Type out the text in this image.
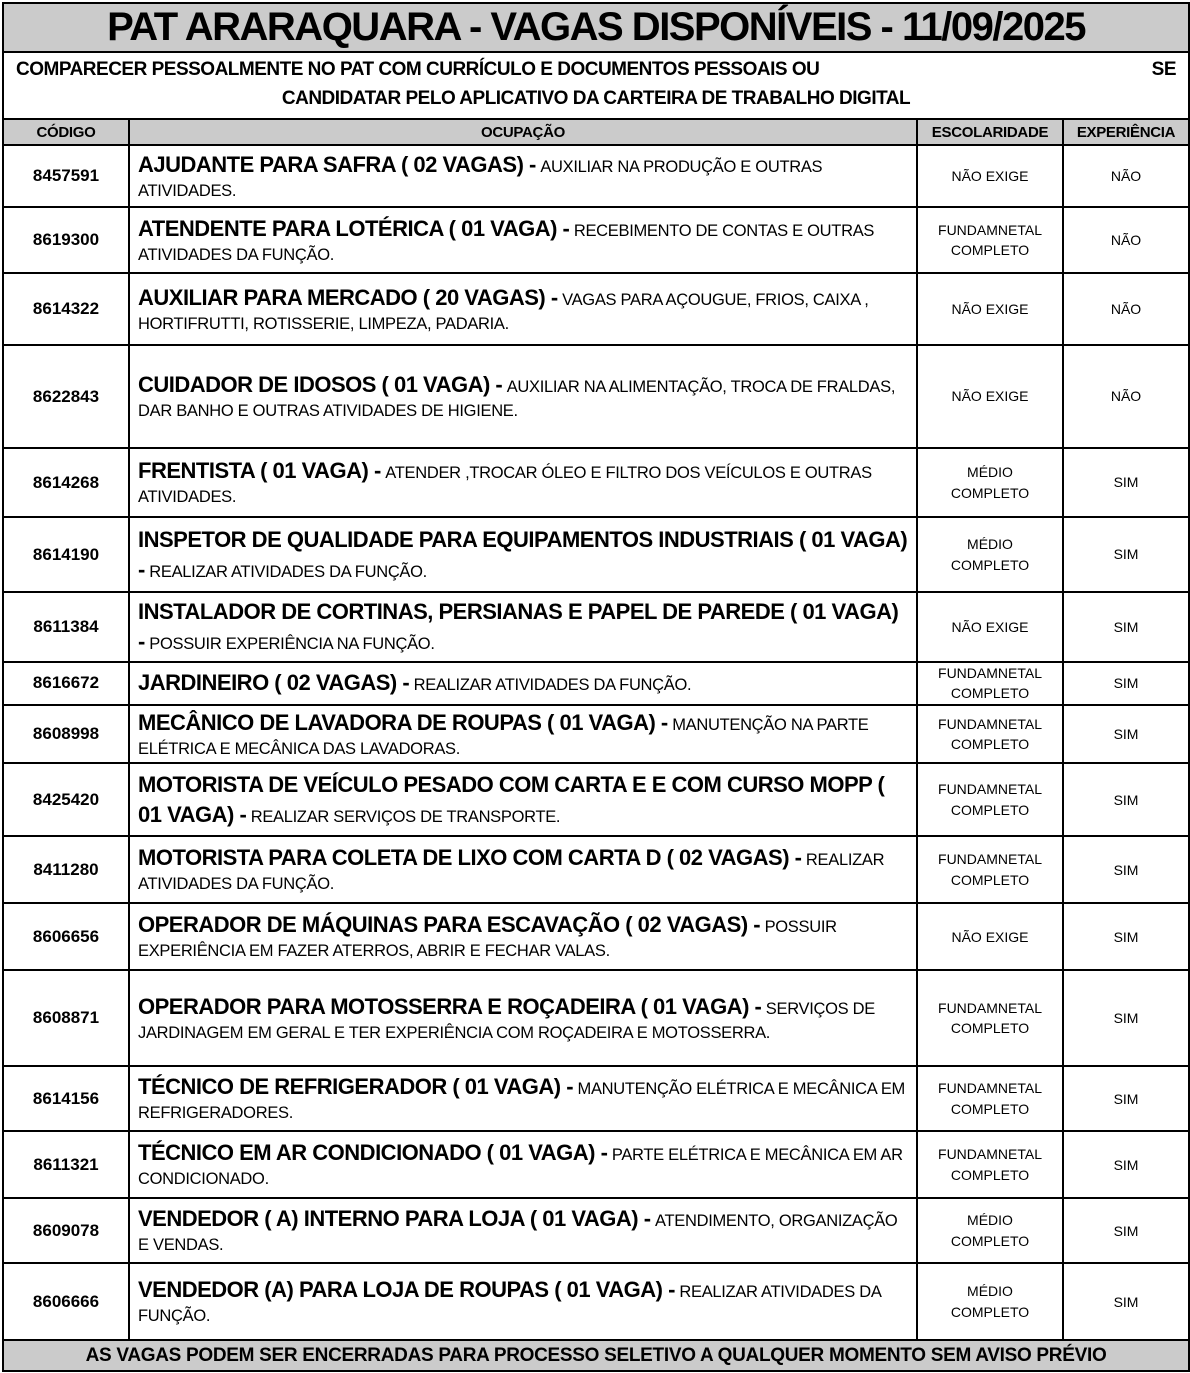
PAT ARARAQUARA - VAGAS DISPONÍVEIS - 11/09/2025			

COMPARECER PESSOALMENTE NO PAT COM CURRÍCULO E DOCUMENTOS PESSOAIS OU SE
CANDIDATAR PELO APLICATIVO DA CARTEIRA DE TRABALHO DIGITAL			

CÓDIGO	OCUPAÇÃO	ESCOLARIDADE	EXPERIÊNCIA
8457591	AJUDANTE PARA SAFRA ( 02 VAGAS) - AUXILIAR NA PRODUÇÃO E OUTRAS ATIVIDADES.	NÃO EXIGE	NÃO
8619300	ATENDENTE PARA LOTÉRICA ( 01 VAGA) - RECEBIMENTO DE CONTAS E OUTRAS ATIVIDADES DA FUNÇÃO.	FUNDAMNETAL COMPLETO	NÃO
8614322	AUXILIAR PARA MERCADO ( 20 VAGAS) - VAGAS PARA AÇOUGUE, FRIOS, CAIXA , HORTIFRUTTI, ROTISSERIE, LIMPEZA, PADARIA.	NÃO EXIGE	NÃO
8622843	CUIDADOR DE IDOSOS ( 01 VAGA) - AUXILIAR NA ALIMENTAÇÃO, TROCA DE FRALDAS, DAR BANHO E OUTRAS ATIVIDADES DE HIGIENE.	NÃO EXIGE	NÃO
8614268	FRENTISTA ( 01 VAGA) - ATENDER ,TROCAR ÓLEO E FILTRO DOS VEÍCULOS E OUTRAS ATIVIDADES.	MÉDIO COMPLETO	SIM
8614190	INSPETOR DE QUALIDADE PARA EQUIPAMENTOS INDUSTRIAIS ( 01 VAGA) - REALIZAR ATIVIDADES DA FUNÇÃO.	MÉDIO COMPLETO	SIM
8611384	INSTALADOR DE CORTINAS, PERSIANAS E PAPEL DE PAREDE ( 01 VAGA) - POSSUIR EXPERIÊNCIA NA FUNÇÃO.	NÃO EXIGE	SIM
8616672	JARDINEIRO ( 02 VAGAS) - REALIZAR ATIVIDADES DA FUNÇÃO.	FUNDAMNETAL COMPLETO	SIM
8608998	MECÂNICO DE LAVADORA DE ROUPAS ( 01 VAGA) - MANUTENÇÃO NA PARTE ELÉTRICA E MECÂNICA DAS LAVADORAS.	FUNDAMNETAL COMPLETO	SIM
8425420	MOTORISTA DE VEÍCULO PESADO COM CARTA E E COM CURSO MOPP ( 01 VAGA) - REALIZAR SERVIÇOS DE TRANSPORTE.	FUNDAMNETAL COMPLETO	SIM
8411280	MOTORISTA PARA COLETA DE LIXO COM CARTA D ( 02 VAGAS) - REALIZAR ATIVIDADES DA FUNÇÃO.	FUNDAMNETAL COMPLETO	SIM
8606656	OPERADOR DE MÁQUINAS PARA ESCAVAÇÃO ( 02 VAGAS) - POSSUIR EXPERIÊNCIA EM FAZER ATERROS, ABRIR E FECHAR VALAS.	NÃO EXIGE	SIM
8608871	OPERADOR PARA MOTOSSERRA E ROÇADEIRA ( 01 VAGA) - SERVIÇOS DE JARDINAGEM EM GERAL E TER EXPERIÊNCIA COM ROÇADEIRA E MOTOSSERRA.	FUNDAMNETAL COMPLETO	SIM
8614156	TÉCNICO DE REFRIGERADOR ( 01 VAGA) - MANUTENÇÃO ELÉTRICA E MECÂNICA EM REFRIGERADORES.	FUNDAMNETAL COMPLETO	SIM
8611321	TÉCNICO EM AR CONDICIONADO ( 01 VAGA) - PARTE ELÉTRICA E MECÂNICA EM AR CONDICIONADO.	FUNDAMNETAL COMPLETO	SIM
8609078	VENDEDOR ( A) INTERNO PARA LOJA ( 01 VAGA) - ATENDIMENTO, ORGANIZAÇÃO E VENDAS.	MÉDIO COMPLETO	SIM
8606666	VENDEDOR (A) PARA LOJA DE ROUPAS ( 01 VAGA) - REALIZAR ATIVIDADES DA FUNÇÃO.	MÉDIO COMPLETO	SIM
AS VAGAS PODEM SER ENCERRADAS PARA PROCESSO SELETIVO A QUALQUER MOMENTO SEM AVISO PRÉVIO			
